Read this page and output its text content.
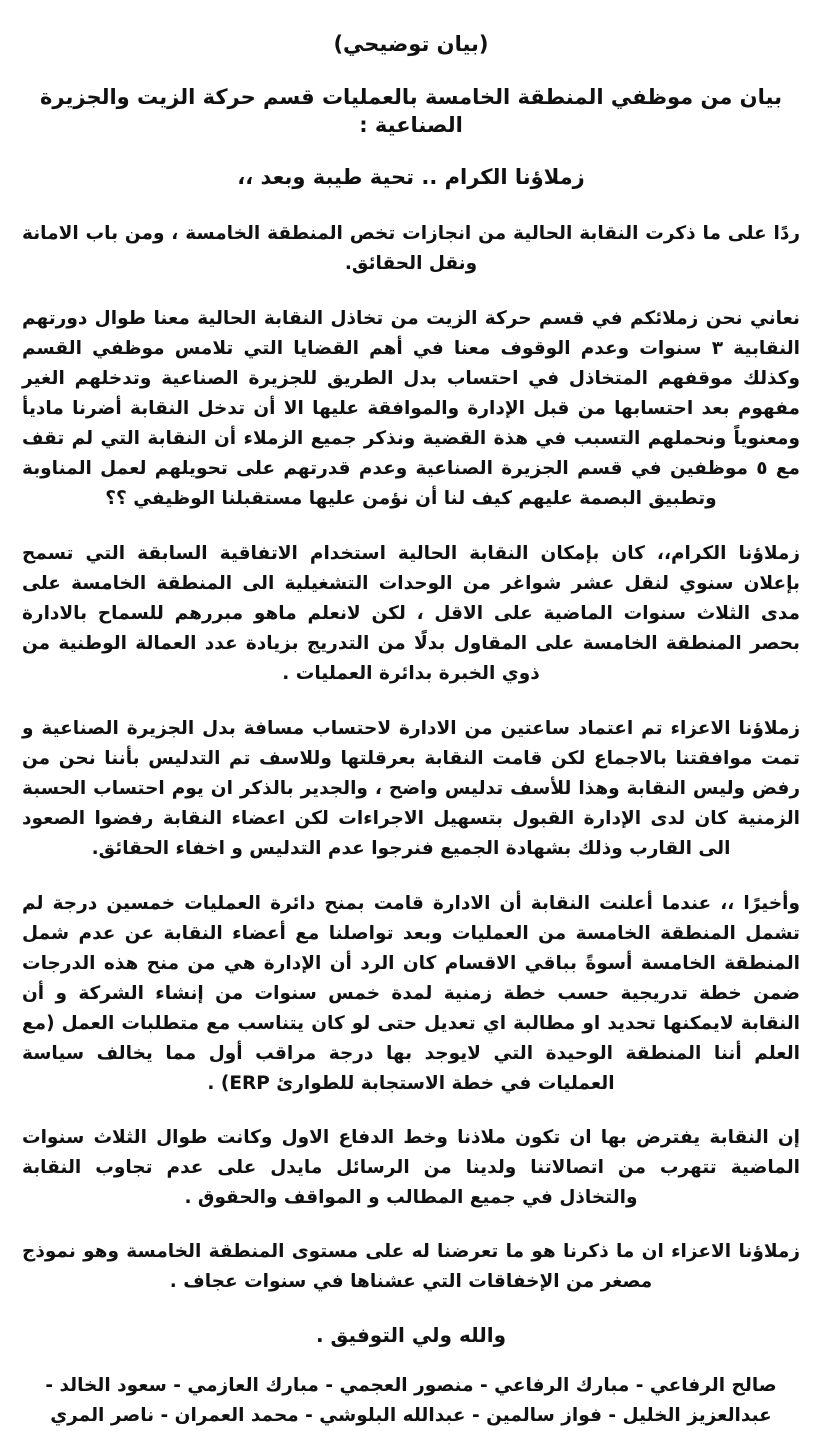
(بيان توضيحي)
بيان من موظفي المنطقة الخامسة بالعمليات قسم حركة الزيت والجزيرة الصناعية :
زملاؤنا الكرام .. تحية طيبة وبعد ،،

ردًا على ما ذكرت النقابة الحالية من انجازات تخص المنطقة الخامسة ، ومن باب الامانة ونقل الحقائق.

نعاني نحن زملائكم في قسم حركة الزيت من تخاذل النقابة الحالية معنا طوال دورتهم النقابية ٣ سنوات وعدم الوقوف معنا في أهم القضايا التي تلامس موظفي القسم وكذلك موقفهم المتخاذل في احتساب بدل الطريق للجزيرة الصناعية وتدخلهم الغير مفهوم بعد احتسابها من قبل الإدارة والموافقة عليها الا أن تدخل النقابة أضرنا ماديأ ومعنوياً ونحملهم التسبب في هذة القضية ونذكر جميع الزملاء أن النقابة التي لم تقف مع ٥ موظفين في قسم الجزيرة الصناعية وعدم قدرتهم على تحويلهم لعمل المناوبة وتطبيق البصمة عليهم كيف لنا أن نؤمن عليها مستقبلنا الوظيفي ؟؟

زملاؤنا الكرام،، كان بإمكان النقابة الحالية استخدام الاتفاقية السابقة التي تسمح بإعلان سنوي لنقل عشر شواغر من الوحدات التشغيلية الى المنطقة الخامسة على مدى الثلاث سنوات الماضية على الاقل ، لكن لانعلم ماهو مبررهم للسماح بالادارة بحصر المنطقة الخامسة على المقاول بدلًا من التدريج بزيادة عدد العمالة الوطنية من ذوي الخبرة بدائرة العمليات .

زملاؤنا الاعزاء تم اعتماد ساعتين من الادارة لاحتساب مسافة بدل الجزيرة الصناعية و تمت موافقتنا بالاجماع لكن قامت النقابة بعرقلتها وللاسف تم التدليس بأننا نحن من رفض وليس النقابة وهذا للأسف تدليس واضح ، والجدير بالذكر ان يوم احتساب الحسبة الزمنية كان لدى الإدارة القبول بتسهيل الاجراءات لكن اعضاء النقابة رفضوا الصعود الى القارب وذلك بشهادة الجميع فنرجوا عدم التدليس و اخفاء الحقائق.

وأخيرًا ،، عندما أعلنت النقابة أن الادارة قامت بمنح دائرة العمليات خمسين درجة لم تشمل المنطقة الخامسة من العمليات وبعد تواصلنا مع أعضاء النقابة عن عدم شمل المنطقة الخامسة أسوةً بباقي الاقسام كان الرد أن الإدارة هي من منح هذه الدرجات ضمن خطة تدريجية حسب خطة زمنية لمدة خمس سنوات من إنشاء الشركة و أن النقابة لايمكنها تحديد او مطالبة اي تعديل حتى لو كان يتناسب مع متطلبات العمل (مع العلم أننا المنطقة الوحيدة التي لايوجد بها درجة مراقب أول مما يخالف سياسة العمليات في خطة الاستجابة للطوارئ ERP) .

إن النقابة يفترض بها ان تكون ملاذنا وخط الدفاع الاول وكانت طوال الثلاث سنوات الماضية تتهرب من اتصالاتنا ولدينا من الرسائل مايدل على عدم تجاوب النقابة والتخاذل في جميع المطالب و المواقف والحقوق .

زملاؤنا الاعزاء ان ما ذكرنا هو ما تعرضنا له على مستوى المنطقة الخامسة وهو نموذج مصغر من الإخفاقات التي عشناها في سنوات عجاف .

والله ولي التوفيق .

صالح الرفاعي - مبارك الرفاعي - منصور العجمي - مبارك العازمي - سعود الخالد - عبدالعزيز الخليل - فواز سالمين - عبدالله البلوشي - محمد العمران - ناصر المري
